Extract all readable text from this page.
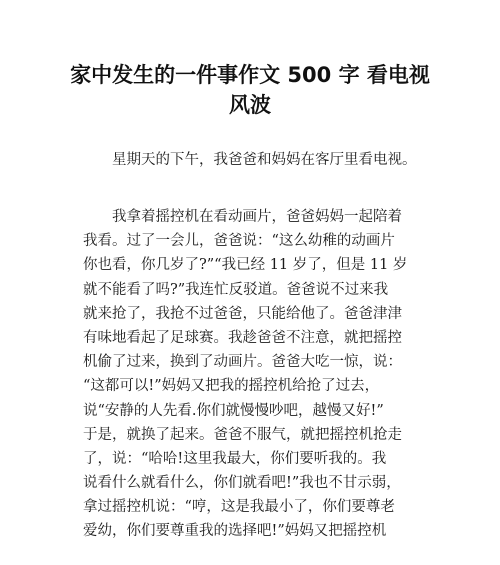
家中发生的一件事作文 500 字 看电视
风波

星期天的下午，我爸爸和妈妈在客厅里看电视。

我拿着摇控机在看动画片，爸爸妈妈一起陪着
我看。过了一会儿，爸爸说：“这么幼稚的动画片
你也看，你几岁了?”“我已经 11 岁了，但是 11 岁
就不能看了吗?”我连忙反驳道。爸爸说不过来我
就来抢了，我抢不过爸爸，只能给他了。爸爸津津
有味地看起了足球赛。我趁爸爸不注意，就把摇控
机偷了过来，换到了动画片。爸爸大吃一惊，说：
“这都可以!”妈妈又把我的摇控机给抢了过去，
说“安静的人先看.你们就慢慢吵吧，越慢又好!”
于是，就换了起来。爸爸不服气，就把摇控机抢走
了，说：“哈哈!这里我最大，你们要听我的。我
说看什么就看什么，你们就看吧!”我也不甘示弱，
拿过摇控机说：“哼，这是我最小了，你们要尊老
爱幼，你们要尊重我的选择吧!”妈妈又把摇控机
